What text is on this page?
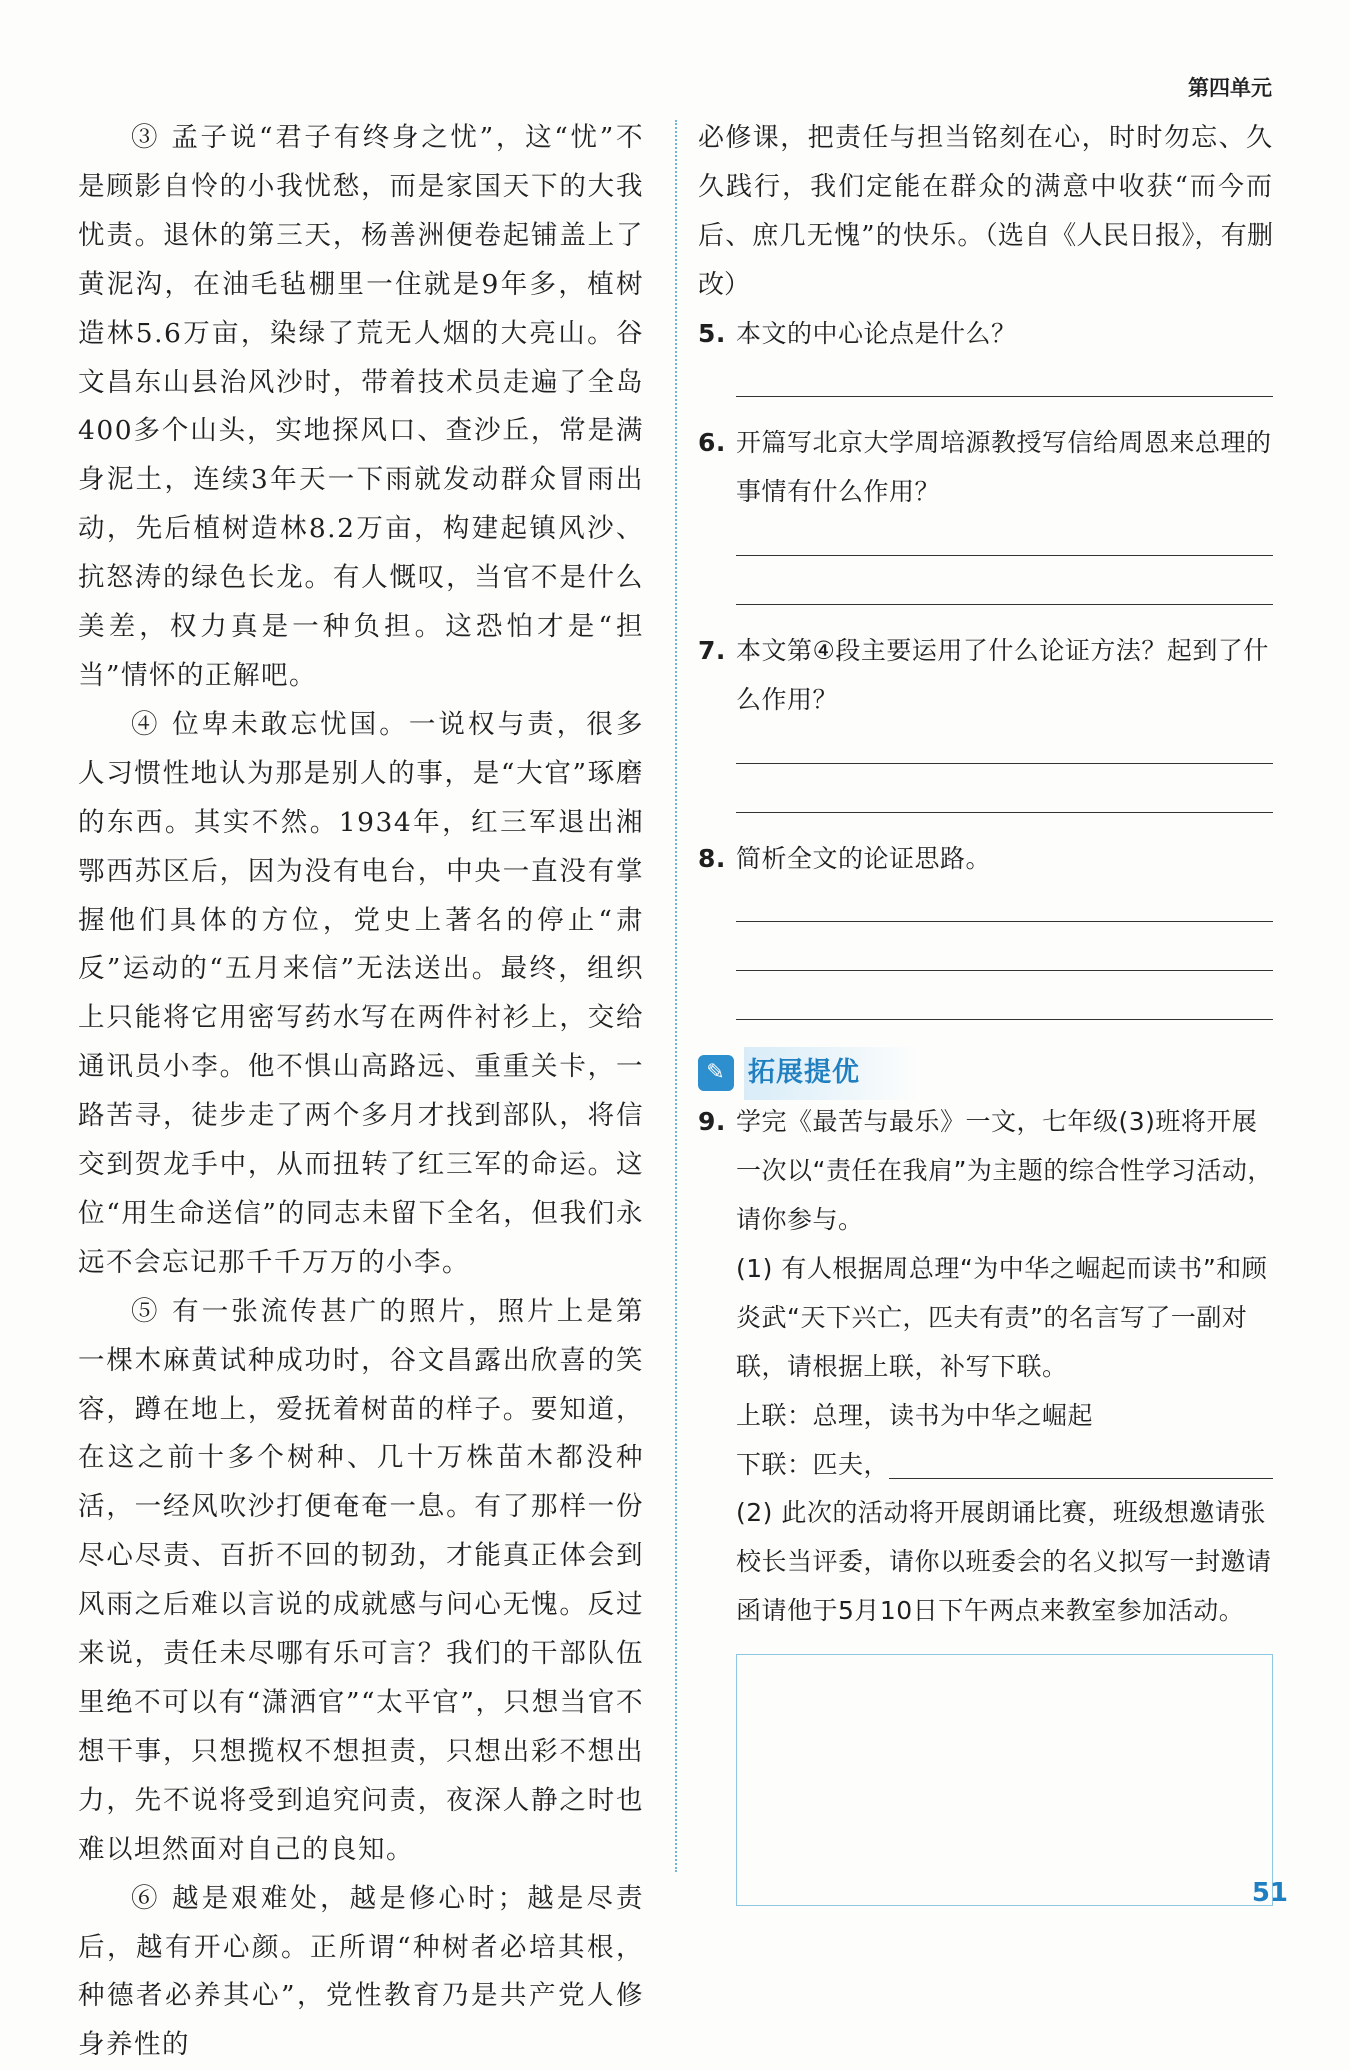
第四单元

③ 孟子说“君子有终身之忧”，这“忧”不是顾影自怜的小我忧愁，而是家国天下的大我忧责。退休的第三天，杨善洲便卷起铺盖上了黄泥沟，在油毛毡棚里一住就是9年多，植树造林5.6万亩，染绿了荒无人烟的大亮山。谷文昌东山县治风沙时，带着技术员走遍了全岛400多个山头，实地探风口、查沙丘，常是满身泥土，连续3年天一下雨就发动群众冒雨出动，先后植树造林8.2万亩，构建起镇风沙、抗怒涛的绿色长龙。有人慨叹，当官不是什么美差，权力真是一种负担。这恐怕才是“担当”情怀的正解吧。

④ 位卑未敢忘忧国。一说权与责，很多人习惯性地认为那是别人的事，是“大官”琢磨的东西。其实不然。1934年，红三军退出湘鄂西苏区后，因为没有电台，中央一直没有掌握他们具体的方位，党史上著名的停止“肃反”运动的“五月来信”无法送出。最终，组织上只能将它用密写药水写在两件衬衫上，交给通讯员小李。他不惧山高路远、重重关卡，一路苦寻，徒步走了两个多月才找到部队，将信交到贺龙手中，从而扭转了红三军的命运。这位“用生命送信”的同志未留下全名，但我们永远不会忘记那千千万万的小李。

⑤ 有一张流传甚广的照片，照片上是第一棵木麻黄试种成功时，谷文昌露出欣喜的笑容，蹲在地上，爱抚着树苗的样子。要知道，在这之前十多个树种、几十万株苗木都没种活，一经风吹沙打便奄奄一息。有了那样一份尽心尽责、百折不回的韧劲，才能真正体会到风雨之后难以言说的成就感与问心无愧。反过来说，责任未尽哪有乐可言？我们的干部队伍里绝不可以有“潇洒官”“太平官”，只想当官不想干事，只想揽权不想担责，只想出彩不想出力，先不说将受到追究问责，夜深人静之时也难以坦然面对自己的良知。

⑥ 越是艰难处，越是修心时；越是尽责后，越有开心颜。正所谓“种树者必培其根，种德者必养其心”，党性教育乃是共产党人修身养性的

必修课，把责任与担当铭刻在心，时时勿忘、久久践行，我们定能在群众的满意中收获“而今而后、庶几无愧”的快乐。（选自《人民日报》，有删改）

5. 本文的中心论点是什么？
6. 开篇写北京大学周培源教授写信给周恩来总理的事情有什么作用？
7. 本文第④段主要运用了什么论证方法？起到了什么作用？
8. 简析全文的论证思路。
✎ 拓展提优
9. 学完《最苦与最乐》一文，七年级(3)班将开展一次以“责任在我肩”为主题的综合性学习活动，请你参与。
(1) 有人根据周总理“为中华之崛起而读书”和顾炎武“天下兴亡，匹夫有责”的名言写了一副对联，请根据上联，补写下联。
上联：总理，读书为中华之崛起
下联：匹夫，
(2) 此次的活动将开展朗诵比赛，班级想邀请张校长当评委，请你以班委会的名义拟写一封邀请函请他于5月10日下午两点来教室参加活动。
51
